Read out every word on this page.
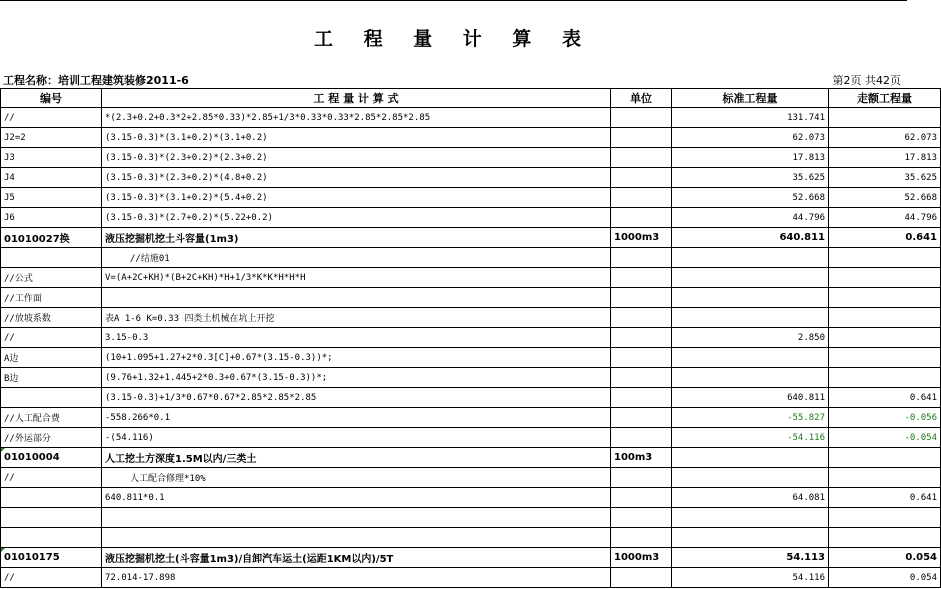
工 程 量 计 算 表
工程名称：培训工程建筑装修2011-6	第2页 共42页
编号	工 程 量 计 算 式	单位	标准工程量	走额工程量
//	*(2.3+0.2+0.3*2+2.85*0.33)*2.85+1/3*0.33*0.33*2.85*2.85*2.85		131.741	
J2=2	(3.15-0.3)*(3.1+0.2)*(3.1+0.2)		62.073	62.073
J3	(3.15-0.3)*(2.3+0.2)*(2.3+0.2)		17.813	17.813
J4	(3.15-0.3)*(2.3+0.2)*(4.8+0.2)		35.625	35.625
J5	(3.15-0.3)*(3.1+0.2)*(5.4+0.2)		52.668	52.668
J6	(3.15-0.3)*(2.7+0.2)*(5.22+0.2)		44.796	44.796
01010027换	液压挖掘机挖土斗容量(1m3)	1000m3	640.811	0.641
	//结施01			
//公式	V=(A+2C+KH)*(B+2C+KH)*H+1/3*K*K*H*H*H			
//工作面				
//放坡系数	表A 1-6 K=0.33 四类土机械在坑上开挖			
//	3.15-0.3		2.850	
A边	(10+1.095+1.27+2*0.3[C]+0.67*(3.15-0.3))*;			
B边	(9.76+1.32+1.445+2*0.3+0.67*(3.15-0.3))*;			
	(3.15-0.3)+1/3*0.67*0.67*2.85*2.85*2.85		640.811	0.641
//人工配合费	-558.266*0.1		-55.827	-0.056
//外运部分	-(54.116)		-54.116	-0.054
01010004	人工挖土方深度1.5M以内/三类土	100m3		
//	人工配合修理*10%			
	640.811*0.1		64.081	0.641

01010175	液压挖掘机挖土(斗容量1m3)/自卸汽车运土(运距1KM以内)/5T	1000m3	54.113	0.054
//	72.014-17.898		54.116	0.054
